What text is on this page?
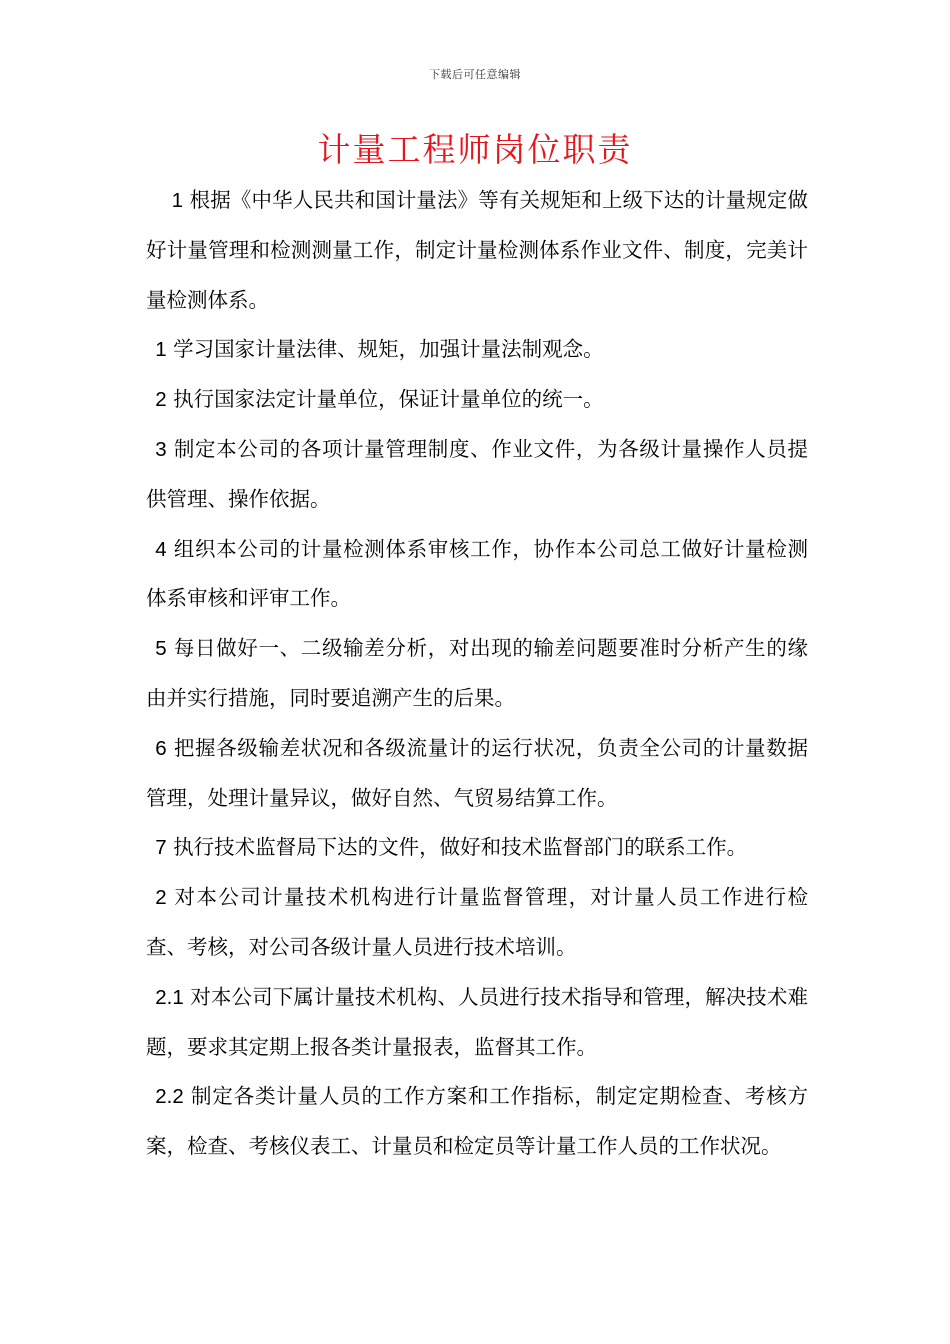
下载后可任意编辑
计量工程师岗位职责

1 根据《中华人民共和国计量法》等有关规矩和上级下达的计量规定做好计量管理和检测测量工作，制定计量检测体系作业文件、制度，完美计量检测体系。

1 学习国家计量法律、规矩，加强计量法制观念。

2 执行国家法定计量单位，保证计量单位的统一。

3 制定本公司的各项计量管理制度、作业文件，为各级计量操作人员提供管理、操作依据。

4 组织本公司的计量检测体系审核工作，协作本公司总工做好计量检测体系审核和评审工作。

5 每日做好一、二级输差分析，对出现的输差问题要准时分析产生的缘由并实行措施，同时要追溯产生的后果。

6 把握各级输差状况和各级流量计的运行状况，负责全公司的计量数据管理，处理计量异议，做好自然、气贸易结算工作。

7 执行技术监督局下达的文件，做好和技术监督部门的联系工作。

2 对本公司计量技术机构进行计量监督管理，对计量人员工作进行检查、考核，对公司各级计量人员进行技术培训。

2.1 对本公司下属计量技术机构、人员进行技术指导和管理，解决技术难题，要求其定期上报各类计量报表，监督其工作。

2.2 制定各类计量人员的工作方案和工作指标，制定定期检查、考核方案，检查、考核仪表工、计量员和检定员等计量工作人员的工作状况。
